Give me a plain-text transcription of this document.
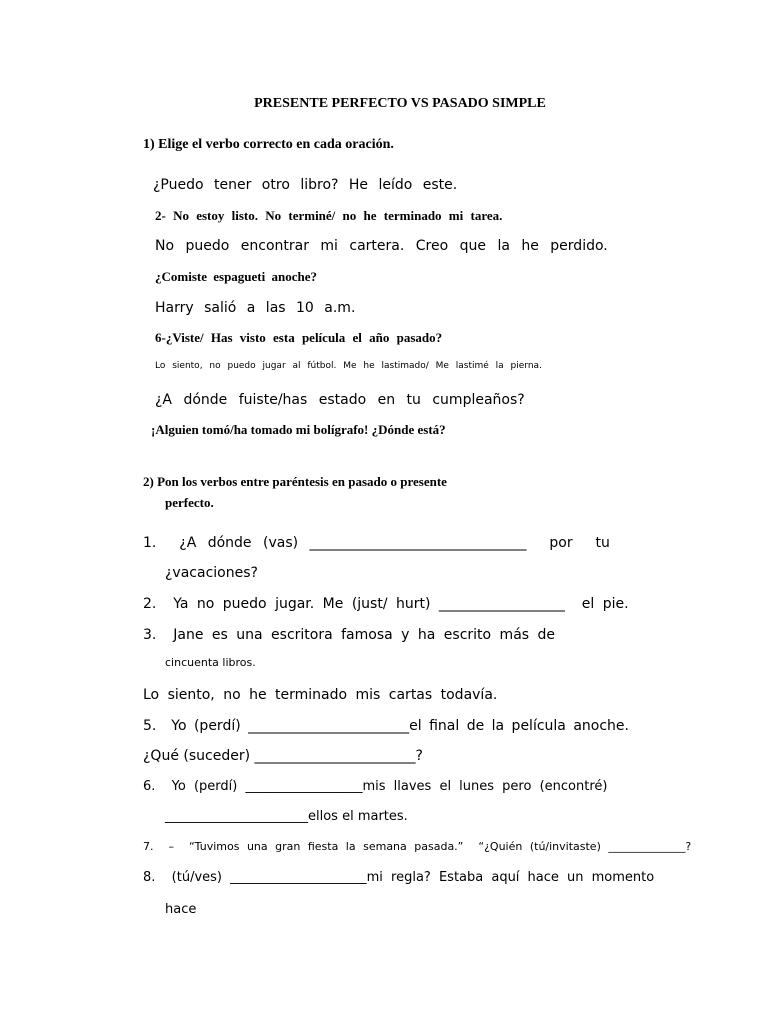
PRESENTE PERFECTO VS PASADO SIMPLE
1) Elige el verbo correcto en cada oración.
¿Puedo tener otro libro? He leído este.
2- No estoy listo. No terminé/ no he terminado mi tarea.
No puedo encontrar mi cartera. Creo que la he perdido.
¿Comiste espagueti anoche?
Harry salió a las 10 a.m.
6-¿Viste/ Has visto esta película el año pasado?
Lo siento, no puedo jugar al fútbol. Me he lastimado/ Me lastimé la pierna.
¿A dónde fuiste/has estado en tu cumpleaños?
¡Alguien tomó/ha tomado mi bolígrafo! ¿Dónde está?
2) Pon los verbos entre paréntesis en pasado o presente
perfecto.
1.  ¿A dónde (vas) _______________________________  por  tu
¿vacaciones?
2.  Ya no puedo jugar. Me (just/ hurt) __________________  el pie.
3.  Jane es una escritora famosa y ha escrito más de
cincuenta libros.
Lo siento, no he terminado mis cartas todavía.
5.  Yo (perdí) _______________________el final de la película anoche.
¿Qué (suceder) _______________________?
6.  Yo (perdí) __________________mis llaves el lunes pero (encontré)
______________________ellos el martes.
7.  –  “Tuvimos una gran fiesta la semana pasada.”  “¿Quién (tú/invitaste) ______________?
8.  (tú/ves) _____________________mi regla? Estaba aquí hace un momento
hace
